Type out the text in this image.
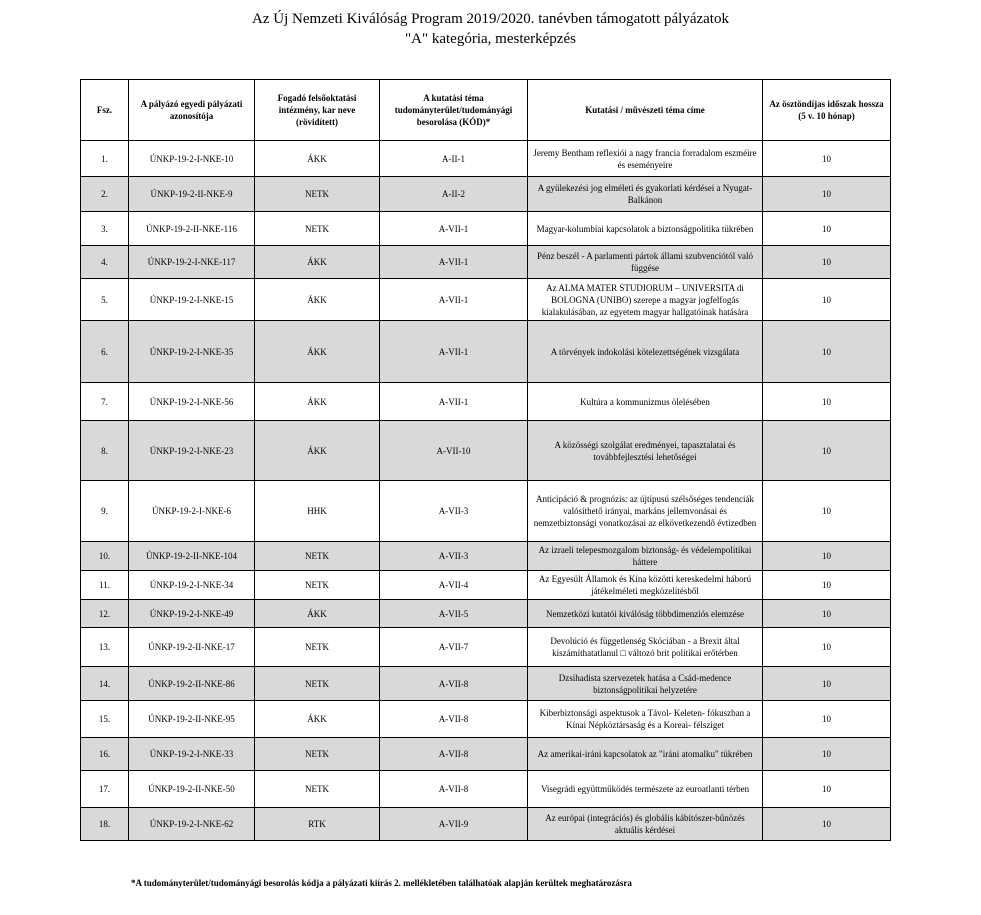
Az Új Nemzeti Kiválóság Program 2019/2020. tanévben támogatott pályázatok
"A" kategória, mesterképzés
Fsz.	A pályázó egyedi pályázati azonosítója	Fogadó felsőoktatási intézmény, kar neve (rövidített)	A kutatási téma tudományterület/tudományági besorolása (KÓD)*	Kutatási / művészeti téma címe	Az ösztöndíjas időszak hossza (5 v. 10 hónap)
1.	ÚNKP-19-2-I-NKE-10	ÁKK	A-II-1	Jeremy Bentham reflexiói a nagy francia forradalom eszméire és eseményeire	10
2.	ÚNKP-19-2-II-NKE-9	NETK	A-II-2	A gyülekezési jog elméleti és gyakorlati kérdései a Nyugat-Balkánon	10
3.	ÚNKP-19-2-II-NKE-116	NETK	A-VII-1	Magyar-kolumbiai kapcsolatok a biztonságpolitika tükrében	10
4.	ÚNKP-19-2-I-NKE-117	ÁKK	A-VII-1	Pénz beszél - A parlamenti pártok állami szubvenciótól való függése	10
5.	ÚNKP-19-2-I-NKE-15	ÁKK	A-VII-1	Az ALMA MATER STUDIORUM – UNIVERSITA di BOLOGNA (UNIBO) szerepe a magyar jogfelfogás kialakulásában, az egyetem magyar hallgatóinak hatására	10
6.	ÚNKP-19-2-I-NKE-35	ÁKK	A-VII-1	A törvények indokolási kötelezettségének vizsgálata	10
7.	ÚNKP-19-2-I-NKE-56	ÁKK	A-VII-1	Kultúra a kommunizmus ölelésében	10
8.	ÚNKP-19-2-I-NKE-23	ÁKK	A-VII-10	A közösségi szolgálat eredményei, tapasztalatai és továbbfejlesztési lehetőségei	10
9.	ÚNKP-19-2-I-NKE-6	HHK	A-VII-3	Anticipáció & prognózis: az újtípusú szélsőséges tendenciák valósíthető irányai, markáns jellemvonásai és nemzetbiztonsági vonatkozásai az elkövetkezendő évtizedben	10
10.	ÚNKP-19-2-II-NKE-104	NETK	A-VII-3	Az izraeli telepesmozgalom biztonság- és védelempolitikai háttere	10
11.	ÚNKP-19-2-I-NKE-34	NETK	A-VII-4	Az Egyesült Államok és Kína közötti kereskedelmi háború játékelméleti megközelítésből	10
12.	ÚNKP-19-2-I-NKE-49	ÁKK	A-VII-5	Nemzetközi kutatói kiválóság többdimenziós elemzése	10
13.	ÚNKP-19-2-II-NKE-17	NETK	A-VII-7	Devolúció és függetlenség Skóciában - a Brexit által kiszámíthatatlanul □ változó brit politikai erőtérben	10
14.	ÚNKP-19-2-II-NKE-86	NETK	A-VII-8	Dzsihadista szervezetek hatása a Csád-medence biztonságpolitikai helyzetére	10
15.	ÚNKP-19-2-II-NKE-95	ÁKK	A-VII-8	Kiberbiztonsági aspektusok a Távol- Keleten- fókuszban a Kínai Népköztársaság és a Koreai- félsziget	10
16.	ÚNKP-19-2-I-NKE-33	NETK	A-VII-8	Az amerikai-iráni kapcsolatok az "iráni atomalku" tükrében	10
17.	ÚNKP-19-2-II-NKE-50	NETK	A-VII-8	Visegrádi együttműködés természete az euroatlanti térben	10
18.	ÚNKP-19-2-I-NKE-62	RTK	A-VII-9	Az európai (integrációs) és globális kábítószer-bűnözés aktuális kérdései	10
*A tudományterület/tudományági besorolás kódja a pályázati kiírás 2. mellékletében találhatóak alapján kerültek meghatározásra
